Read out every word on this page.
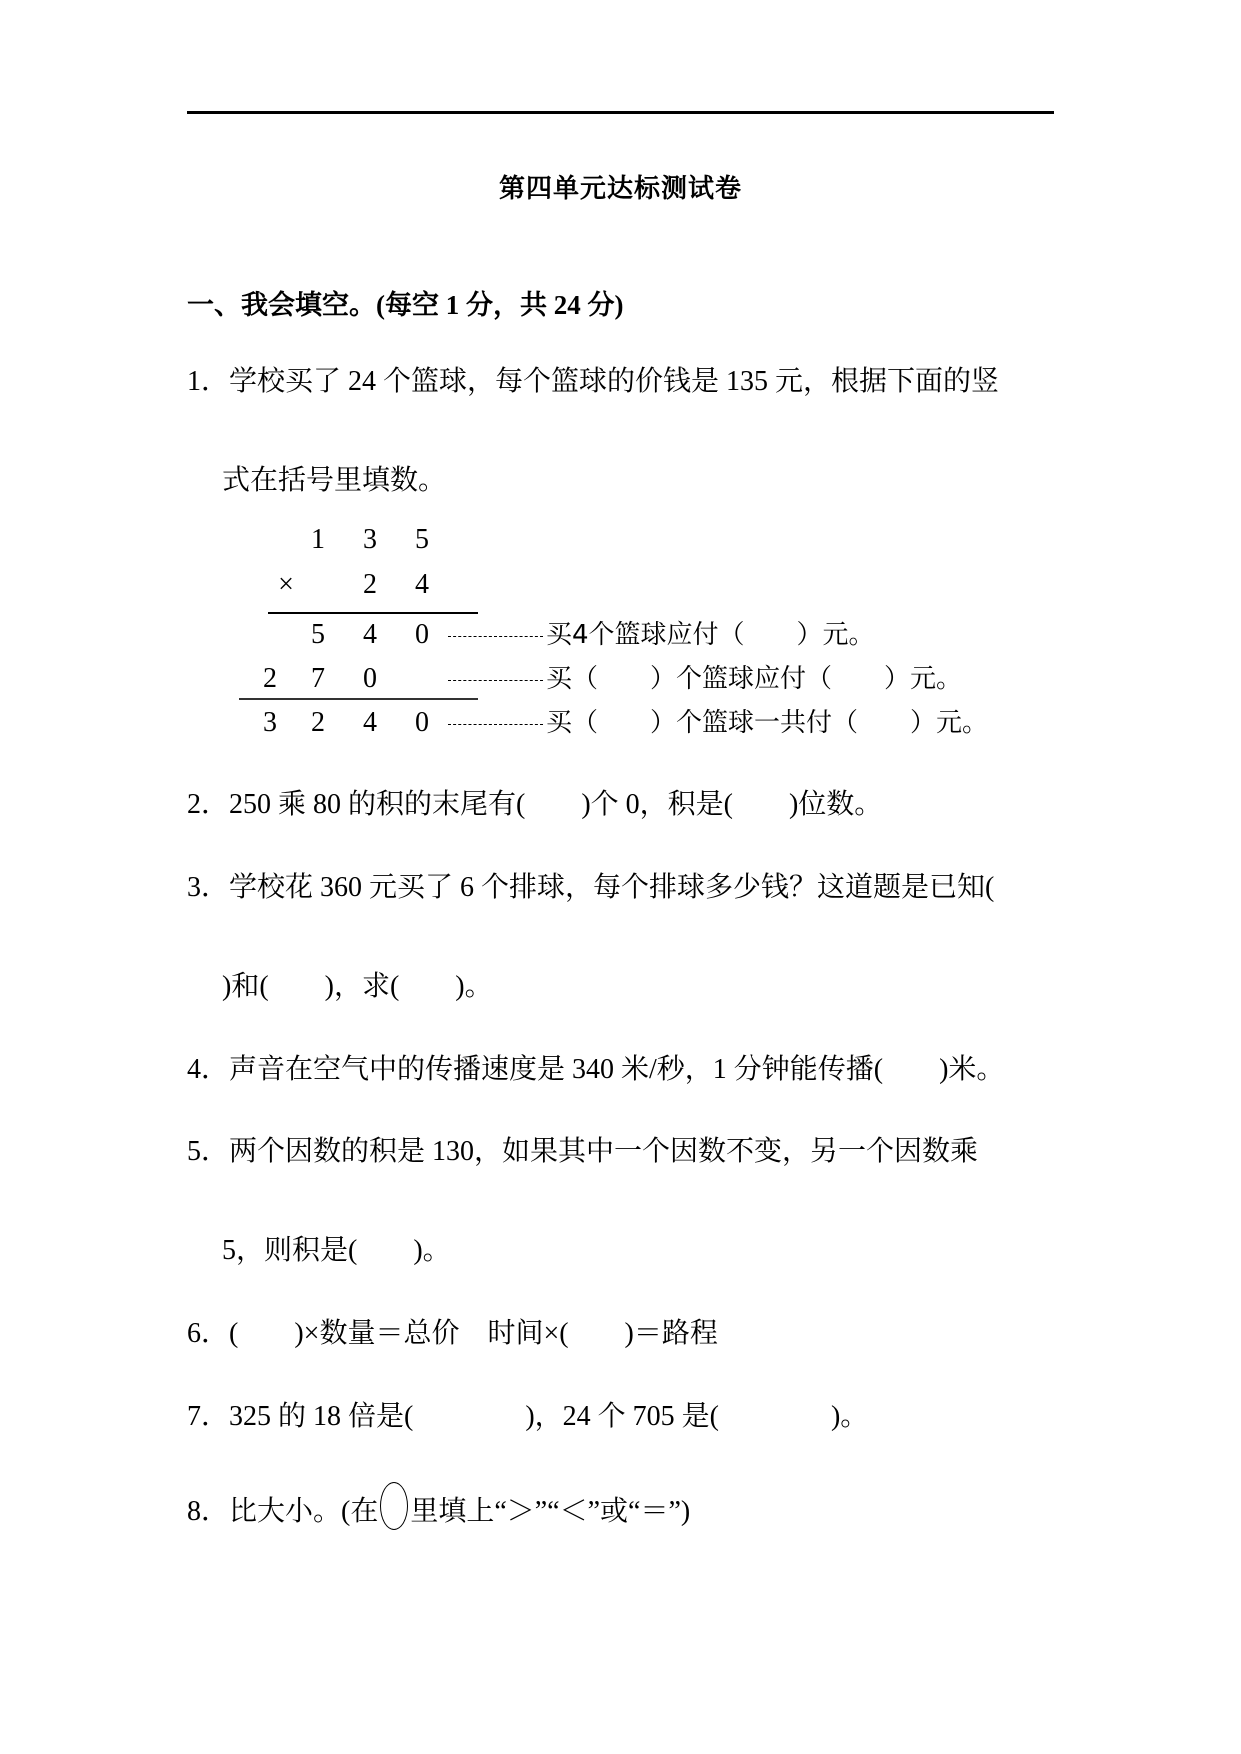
第四单元达标测试卷
一、我会填空。(每空 1 分，共 24 分)
1．学校买了 24 个篮球，每个篮球的价钱是 135 元，根据下面的竖
式在括号里填数。
1 3 5
× 2 4
5 4 0	买4个篮球应付（　　）元。
2 7 0	买（　　）个篮球应付（　　）元。
3 2 4 0	买（　　）个篮球一共付（　　）元。
2．250 乘 80 的积的末尾有(　　)个 0，积是(　　)位数。
3．学校花 360 元买了 6 个排球，每个排球多少钱？这道题是已知(
)和(　　)，求(　　)。
4．声音在空气中的传播速度是 340 米/秒，1 分钟能传播(　　)米。
5．两个因数的积是 130，如果其中一个因数不变，另一个因数乘
5，则积是(　　)。
6．(　　)×数量＝总价　时间×(　　)＝路程
7．325 的 18 倍是(　　　　)，24 个 705 是(　　　　)。
8．比大小。(在 里填上“＞”“＜”或“＝”)
